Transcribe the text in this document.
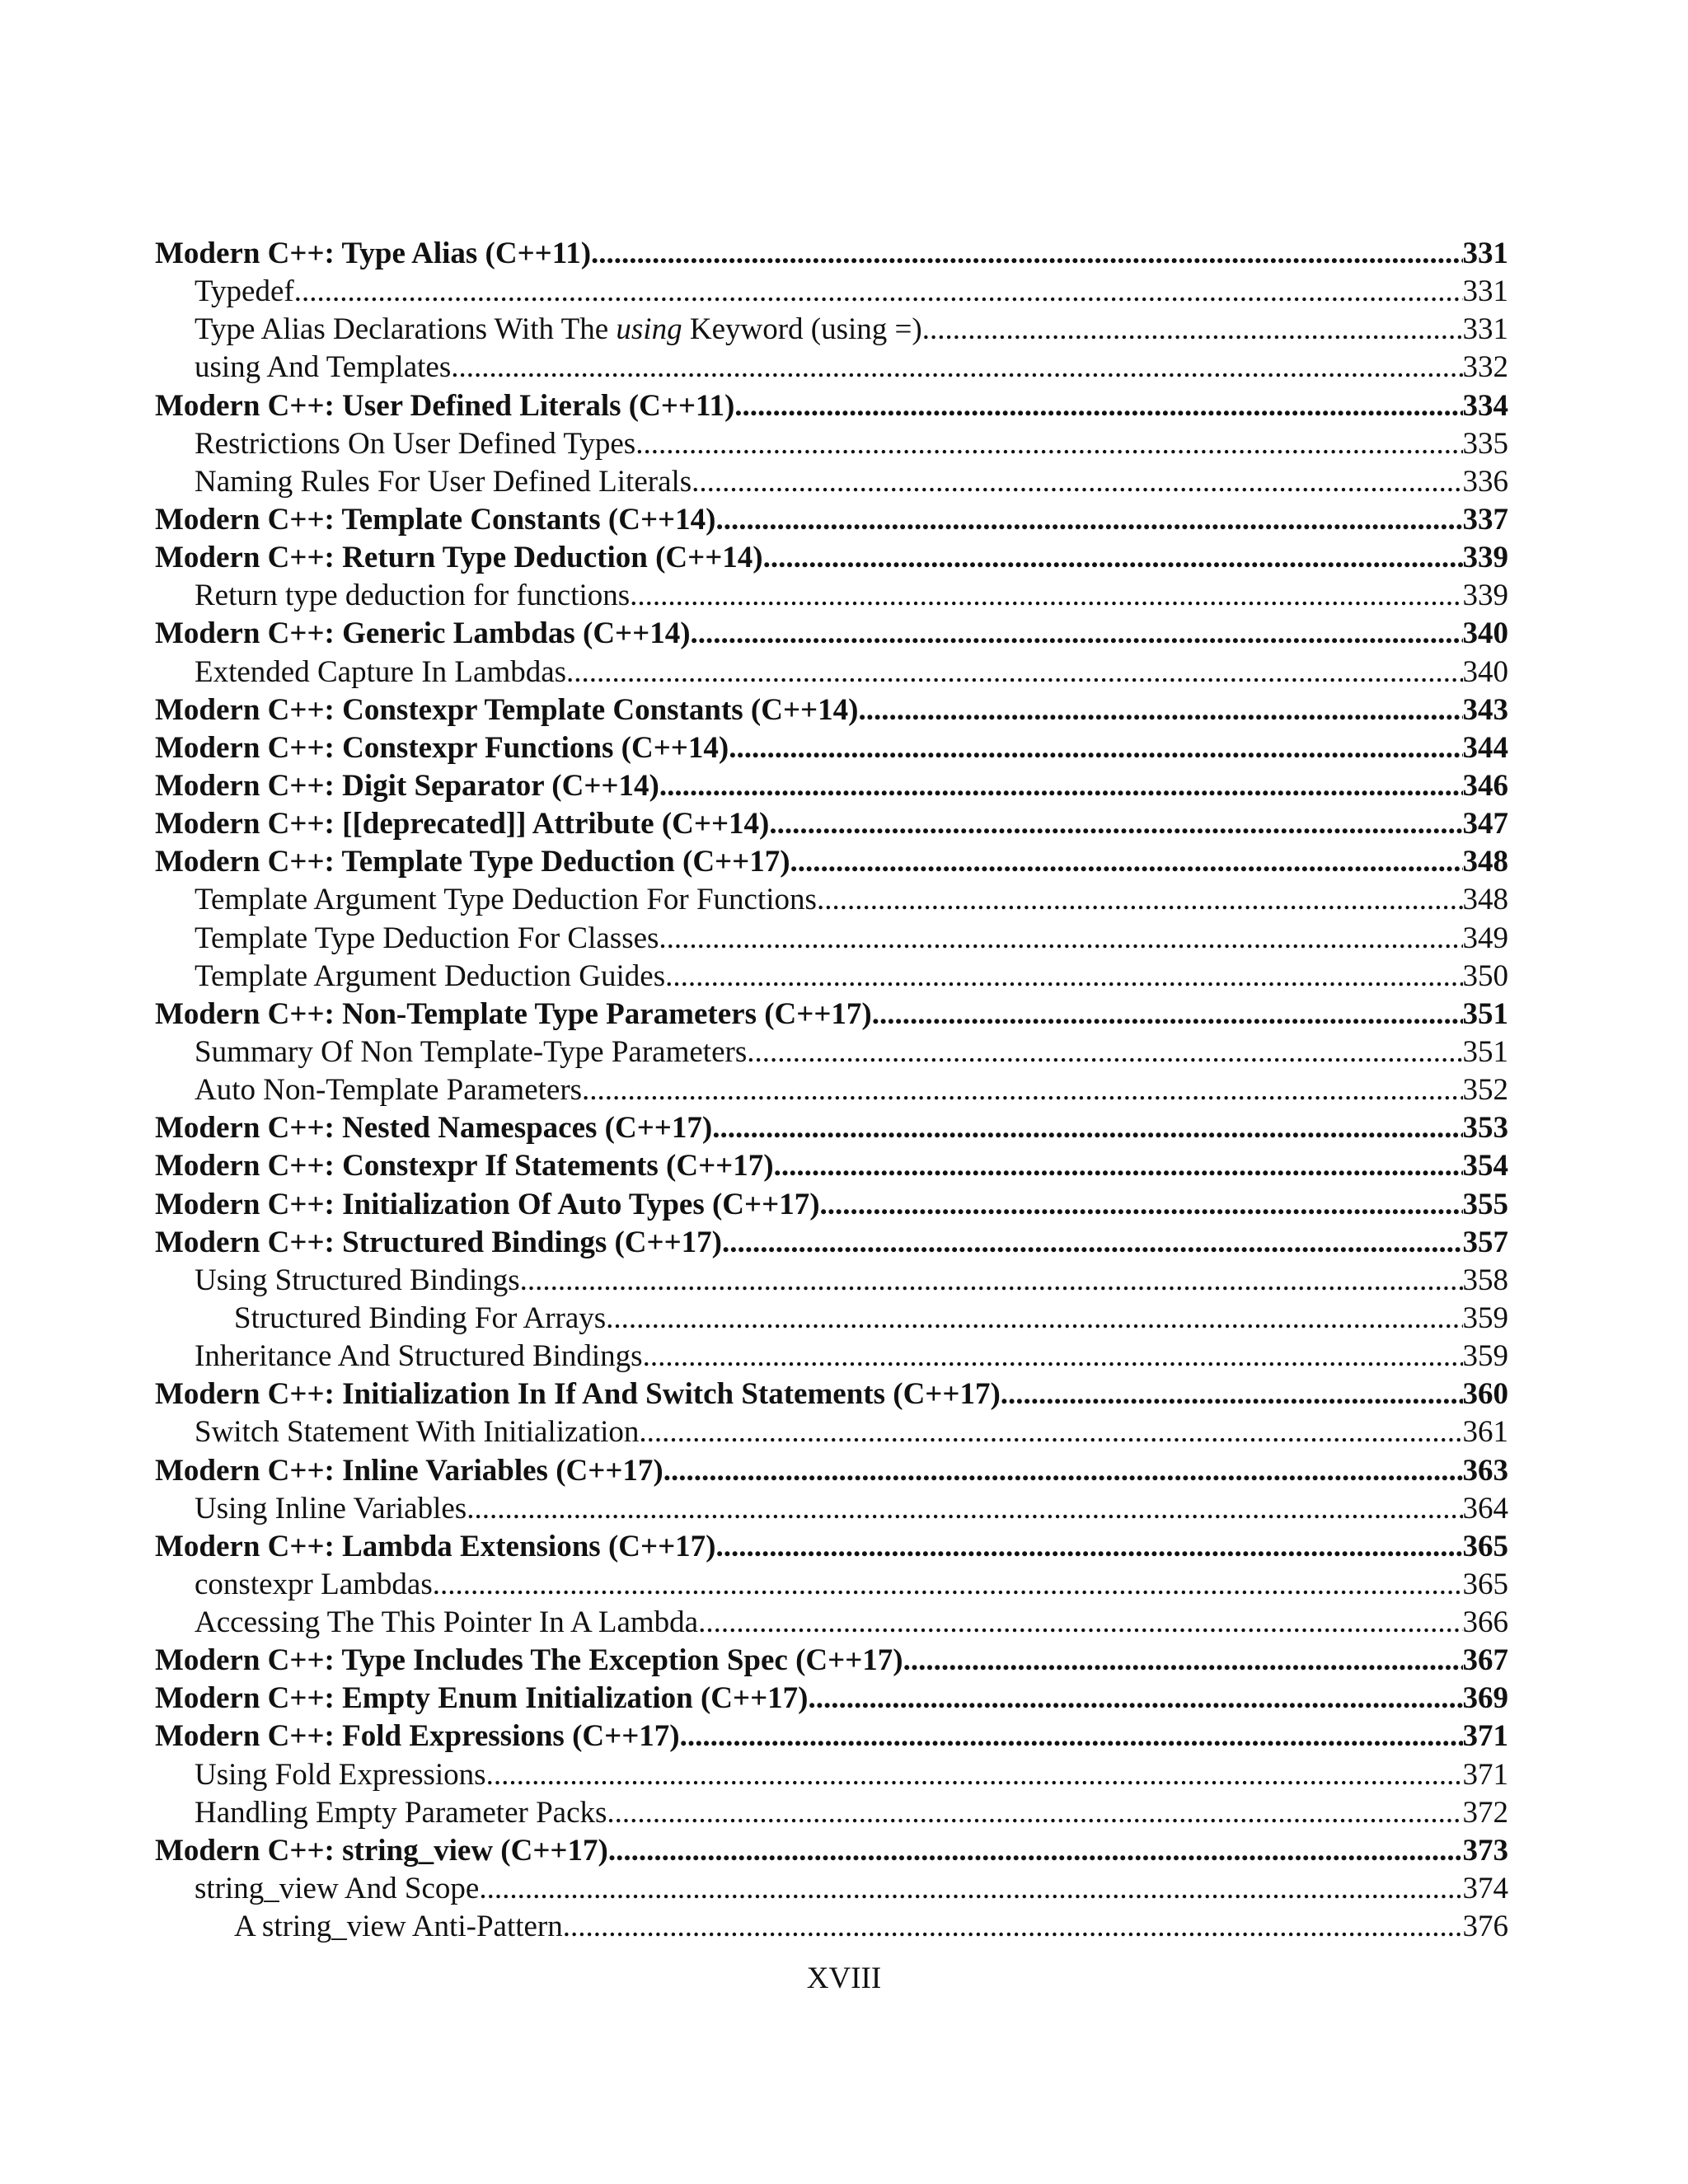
Modern C++: Type Alias (C++11) .....	331
Typedef .....	331
Type Alias Declarations With The using Keyword (using =) .....	331
using And Templates .....	332
Modern C++: User Defined Literals (C++11) .....	334
Restrictions On User Defined Types .....	335
Naming Rules For User Defined Literals .....	336
Modern C++: Template Constants (C++14) .....	337
Modern C++: Return Type Deduction (C++14) .....	339
Return type deduction for functions .....	339
Modern C++: Generic Lambdas (C++14) .....	340
Extended Capture In Lambdas .....	340
Modern C++: Constexpr Template Constants (C++14) .....	343
Modern C++: Constexpr Functions (C++14) .....	344
Modern C++: Digit Separator (C++14) .....	346
Modern C++: [[deprecated]] Attribute (C++14) .....	347
Modern C++: Template Type Deduction (C++17) .....	348
Template Argument Type Deduction For Functions .....	348
Template Type Deduction For Classes .....	349
Template Argument Deduction Guides .....	350
Modern C++: Non-Template Type Parameters (C++17) .....	351
Summary Of Non Template-Type Parameters .....	351
Auto Non-Template Parameters .....	352
Modern C++: Nested Namespaces (C++17) .....	353
Modern C++: Constexpr If Statements (C++17) .....	354
Modern C++: Initialization Of Auto Types (C++17) .....	355
Modern C++: Structured Bindings (C++17) .....	357
Using Structured Bindings .....	358
Structured Binding For Arrays .....	359
Inheritance And Structured Bindings .....	359
Modern C++: Initialization In If And Switch Statements (C++17) .....	360
Switch Statement With Initialization .....	361
Modern C++: Inline Variables (C++17) .....	363
Using Inline Variables .....	364
Modern C++: Lambda Extensions (C++17) .....	365
constexpr Lambdas .....	365
Accessing The This Pointer In A Lambda .....	366
Modern C++: Type Includes The Exception Spec (C++17) .....	367
Modern C++: Empty Enum Initialization (C++17) .....	369
Modern C++: Fold Expressions (C++17) .....	371
Using Fold Expressions .....	371
Handling Empty Parameter Packs .....	372
Modern C++: string_view (C++17) .....	373
string_view And Scope .....	374
A string_view Anti-Pattern .....	376
XVIII
